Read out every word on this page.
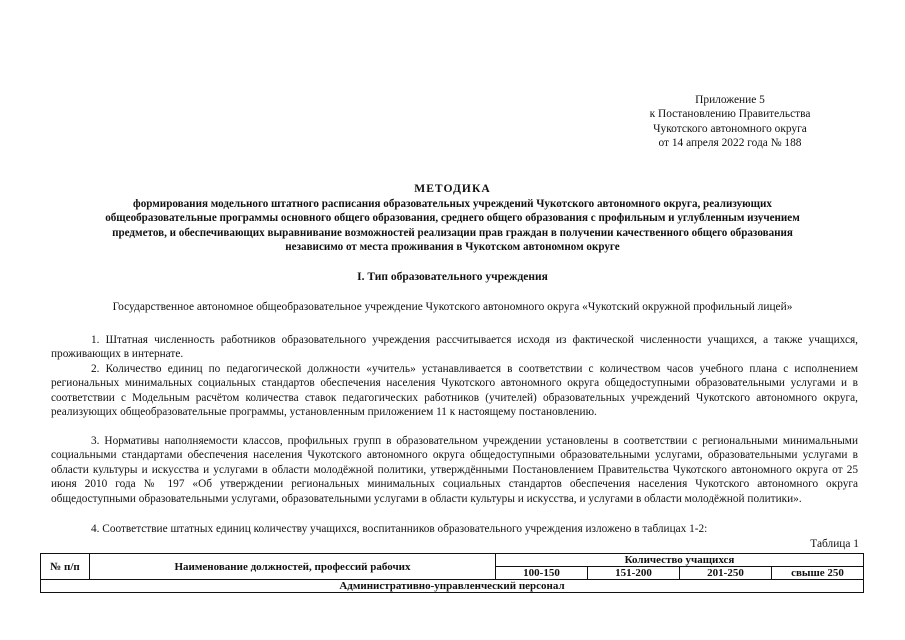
Приложение 5
к Постановлению Правительства
Чукотского автономного округа
от 14 апреля 2022 года № 188
МЕТОДИКА
формирования модельного штатного расписания образовательных учреждений Чукотского автономного округа, реализующих
общеобразовательные программы основного общего образования, среднего общего образования с профильным и углубленным изучением
предметов, и обеспечивающих выравнивание возможностей реализации прав граждан в получении качественного общего образования
независимо от места проживания в Чукотском автономном округе
I. Тип образовательного учреждения
Государственное автономное общеобразовательное учреждение Чукотского автономного округа «Чукотский окружной профильный лицей»
1. Штатная численность работников образовательного учреждения рассчитывается исходя из фактической численности учащихся, а также учащихся, проживающих в интернате.
2. Количество единиц по педагогической должности «учитель» устанавливается в соответствии с количеством часов учебного плана с исполнением региональных минимальных социальных стандартов обеспечения населения Чукотского автономного округа общедоступными образовательными услугами и в соответствии с Модельным расчётом количества ставок педагогических работников (учителей) образовательных учреждений Чукотского автономного округа, реализующих общеобразовательные программы, установленным приложением 11 к настоящему постановлению.
3. Нормативы наполняемости классов, профильных групп в образовательном учреждении установлены в соответствии с региональными минимальными социальными стандартами обеспечения населения Чукотского автономного округа общедоступными образовательными услугами, образовательными услугами в области культуры и искусства и услугами в области молодёжной политики, утверждёнными Постановлением Правительства Чукотского автономного округа от 25 июня 2010 года № 197 «Об утверждении региональных минимальных социальных стандартов обеспечения населения Чукотского автономного округа общедоступными образовательными услугами, образовательными услугами в области культуры и искусства, и услугами в области молодёжной политики».
4. Соответствие штатных единиц количеству учащихся, воспитанников образовательного учреждения изложено в таблицах 1-2:
Таблица 1
№ п/п	Наименование должностей, профессий рабочих	Количество учащихся			
		100-150	151-200	201-250	свыше 250
Административно-управленческий персонал					
